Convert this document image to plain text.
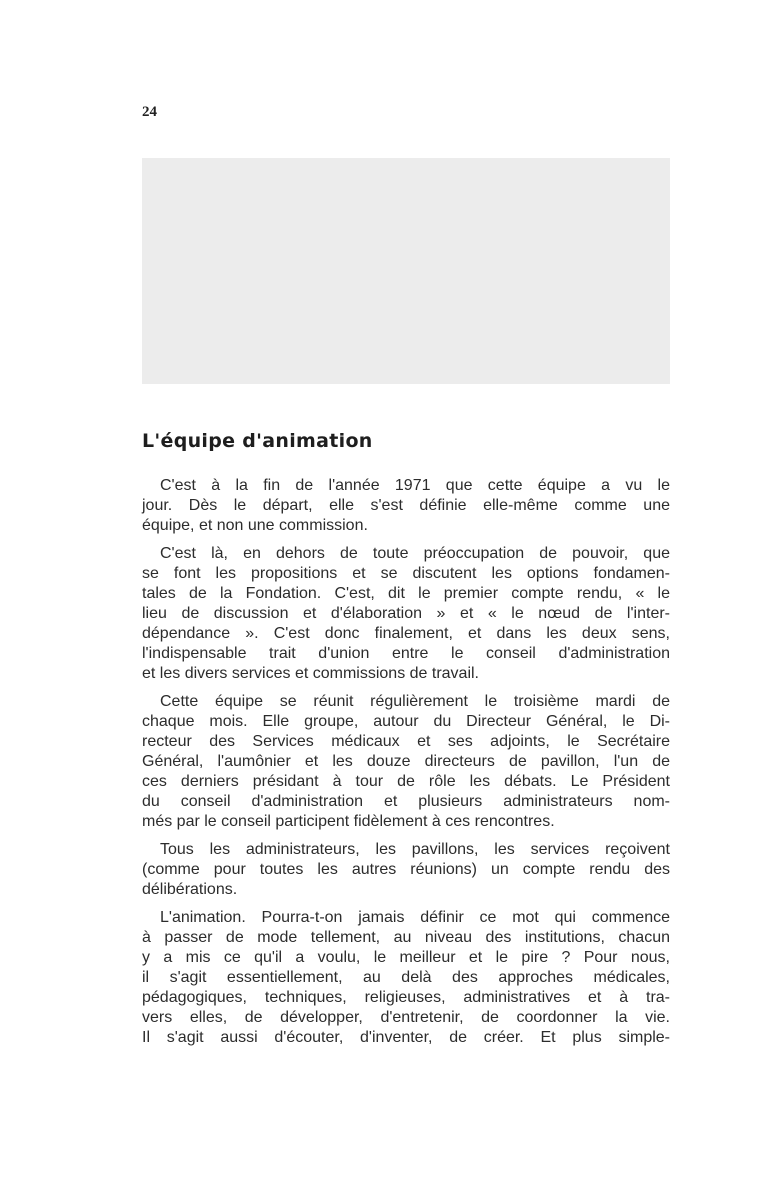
24
L'équipe d'animation

C'est à la fin de l'année 1971 que cette équipe a vu le
jour. Dès le départ, elle s'est définie elle-même comme une
équipe, et non une commission.

C'est là, en dehors de toute préoccupation de pouvoir, que
se font les propositions et se discutent les options fondamen-
tales de la Fondation. C'est, dit le premier compte rendu, « le
lieu de discussion et d'élaboration » et « le nœud de l'inter-
dépendance ». C'est donc finalement, et dans les deux sens,
l'indispensable trait d'union entre le conseil d'administration
et les divers services et commissions de travail.

Cette équipe se réunit régulièrement le troisième mardi de
chaque mois. Elle groupe, autour du Directeur Général, le Di-
recteur des Services médicaux et ses adjoints, le Secrétaire
Général, l'aumônier et les douze directeurs de pavillon, l'un de
ces derniers présidant à tour de rôle les débats. Le Président
du conseil d'administration et plusieurs administrateurs nom-
més par le conseil participent fidèlement à ces rencontres.

Tous les administrateurs, les pavillons, les services reçoivent
(comme pour toutes les autres réunions) un compte rendu des
délibérations.

L'animation. Pourra-t-on jamais définir ce mot qui commence
à passer de mode tellement, au niveau des institutions, chacun
y a mis ce qu'il a voulu, le meilleur et le pire ? Pour nous,
il s'agit essentiellement, au delà des approches médicales,
pédagogiques, techniques, religieuses, administratives et à tra-
vers elles, de développer, d'entretenir, de coordonner la vie.
Il s'agit aussi d'écouter, d'inventer, de créer. Et plus simple-
